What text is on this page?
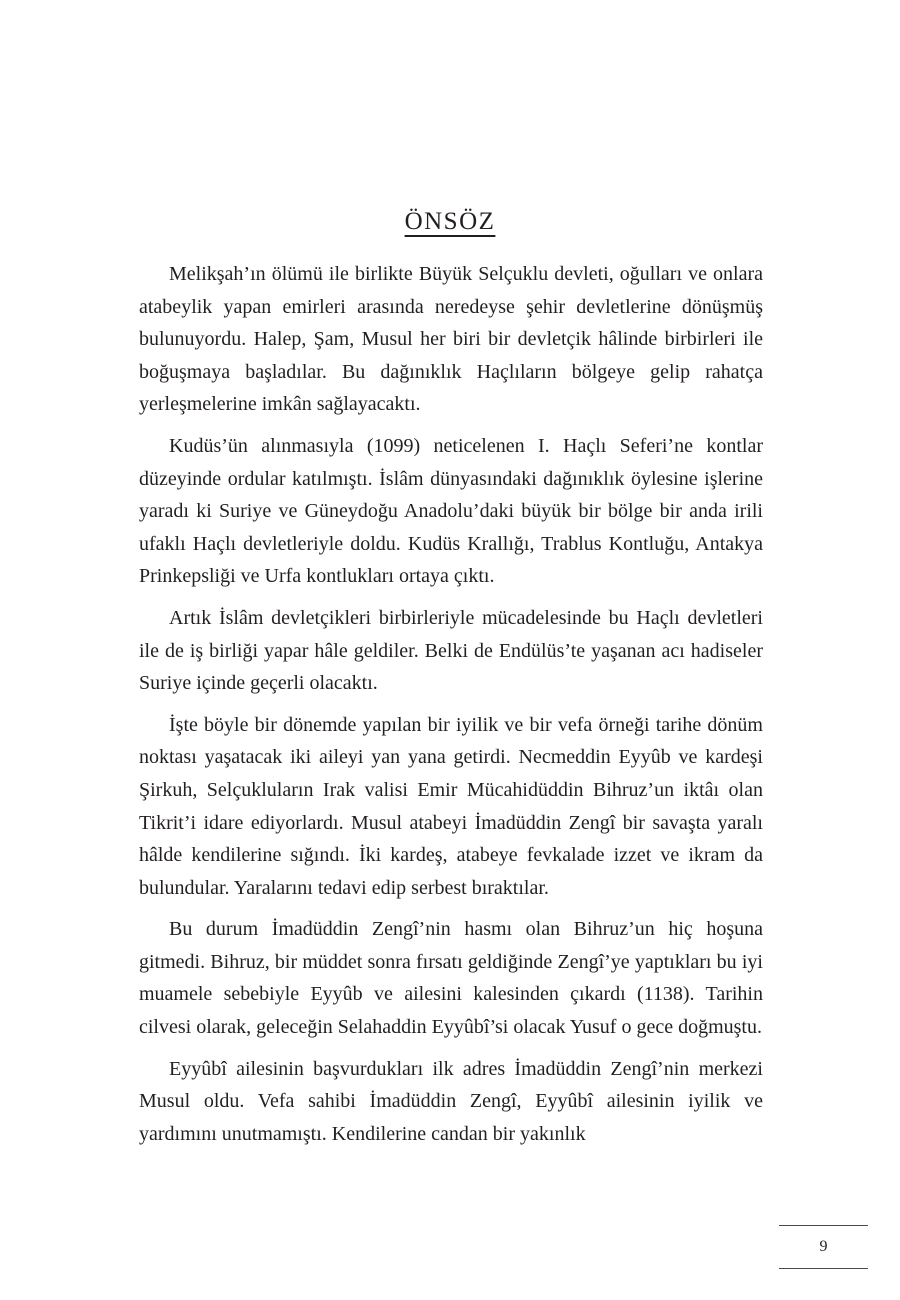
ÖNSÖZ

Melikşah’ın ölümü ile birlikte Büyük Selçuklu devleti, oğulları ve onlara atabeylik yapan emirleri arasında neredeyse şehir devletlerine dönüşmüş bulunuyordu. Halep, Şam, Musul her biri bir devletçik hâlinde birbirleri ile boğuşmaya başladılar. Bu dağınıklık Haçlıların bölgeye gelip rahatça yerleşmelerine imkân sağlayacaktı.

Kudüs’ün alınmasıyla (1099) neticelenen I. Haçlı Seferi’ne kontlar düzeyinde ordular katılmıştı. İslâm dünyasındaki dağınıklık öylesine işlerine yaradı ki Suriye ve Güneydoğu Anadolu’daki büyük bir bölge bir anda irili ufaklı Haçlı devletleriyle doldu. Kudüs Krallığı, Trablus Kontluğu, Antakya Prinkepsliği ve Urfa kontlukları ortaya çıktı.

Artık İslâm devletçikleri birbirleriyle mücadelesinde bu Haçlı devletleri ile de iş birliği yapar hâle geldiler. Belki de Endülüs’te yaşanan acı hadiseler Suriye içinde geçerli olacaktı.

İşte böyle bir dönemde yapılan bir iyilik ve bir vefa örneği tarihe dönüm noktası yaşatacak iki aileyi yan yana getirdi. Necmeddin Eyyûb ve kardeşi Şirkuh, Selçukluların Irak valisi Emir Mücahidüddin Bihruz’un iktâı olan Tikrit’i idare ediyorlardı. Musul atabeyi İmadüddin Zengî bir savaşta yaralı hâlde kendilerine sığındı. İki kardeş, atabeye fevkalade izzet ve ikram da bulundular. Yaralarını tedavi edip serbest bıraktılar.

Bu durum İmadüddin Zengî’nin hasmı olan Bihruz’un hiç hoşuna gitmedi. Bihruz, bir müddet sonra fırsatı geldiğinde Zengî’ye yaptıkları bu iyi muamele sebebiyle Eyyûb ve ailesini kalesinden çıkardı (1138). Tarihin cilvesi olarak, geleceğin Selahaddin Eyyûbî’si olacak Yusuf o gece doğmuştu.

Eyyûbî ailesinin başvurdukları ilk adres İmadüddin Zengî’nin merkezi Musul oldu. Vefa sahibi İmadüddin Zengî, Eyyûbî ailesinin iyilik ve yardımını unutmamıştı. Kendilerine candan bir yakınlık

9
